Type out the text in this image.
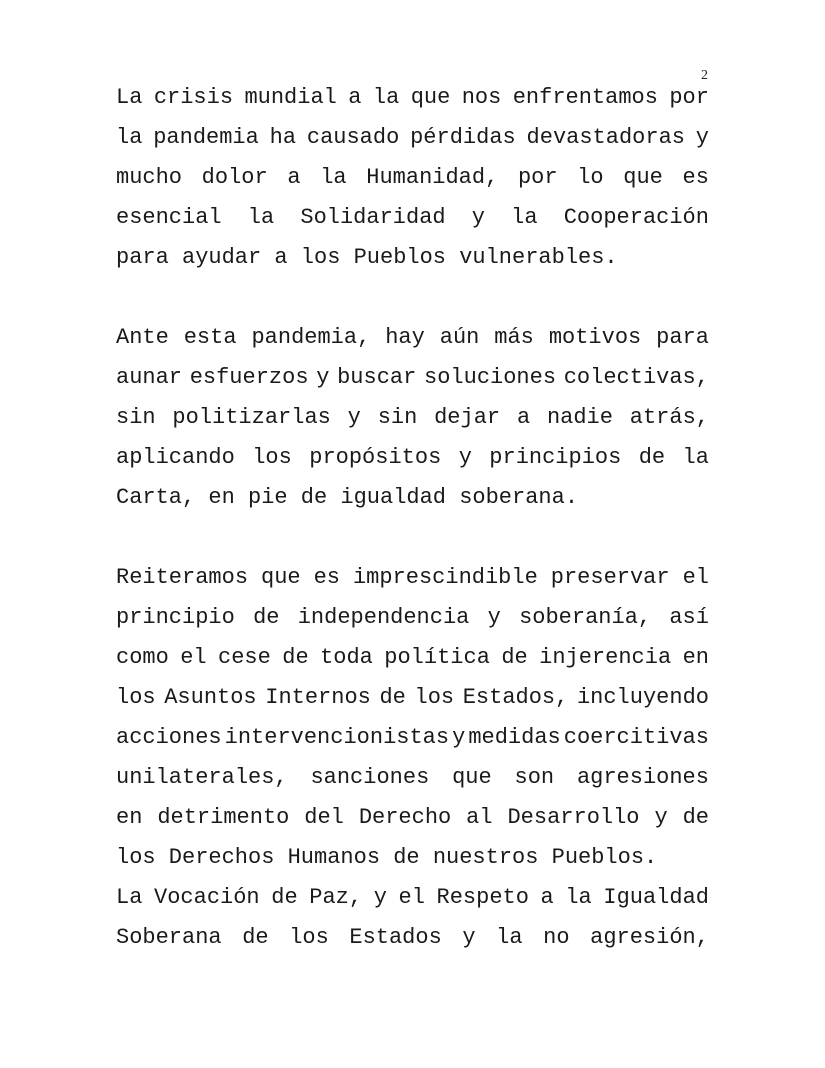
2
La crisis mundial a la que nos enfrentamos por
la pandemia ha causado pérdidas devastadoras y
mucho dolor a la Humanidad, por lo que es
esencial la Solidaridad y la Cooperación
para ayudar a los Pueblos vulnerables.
Ante esta pandemia, hay aún más motivos para
aunar esfuerzos y buscar soluciones colectivas,
sin politizarlas y sin dejar a nadie atrás,
aplicando los propósitos y principios de la
Carta, en pie de igualdad soberana.
Reiteramos que es imprescindible preservar el
principio de independencia y soberanía, así
como el cese de toda política de injerencia en
los Asuntos Internos de los Estados, incluyendo
acciones intervencionistas y medidas coercitivas
unilaterales, sanciones que son agresiones
en detrimento del Derecho al Desarrollo y de
los Derechos Humanos de nuestros Pueblos.
La Vocación de Paz, y el Respeto a la Igualdad
Soberana de los Estados y la no agresión,
